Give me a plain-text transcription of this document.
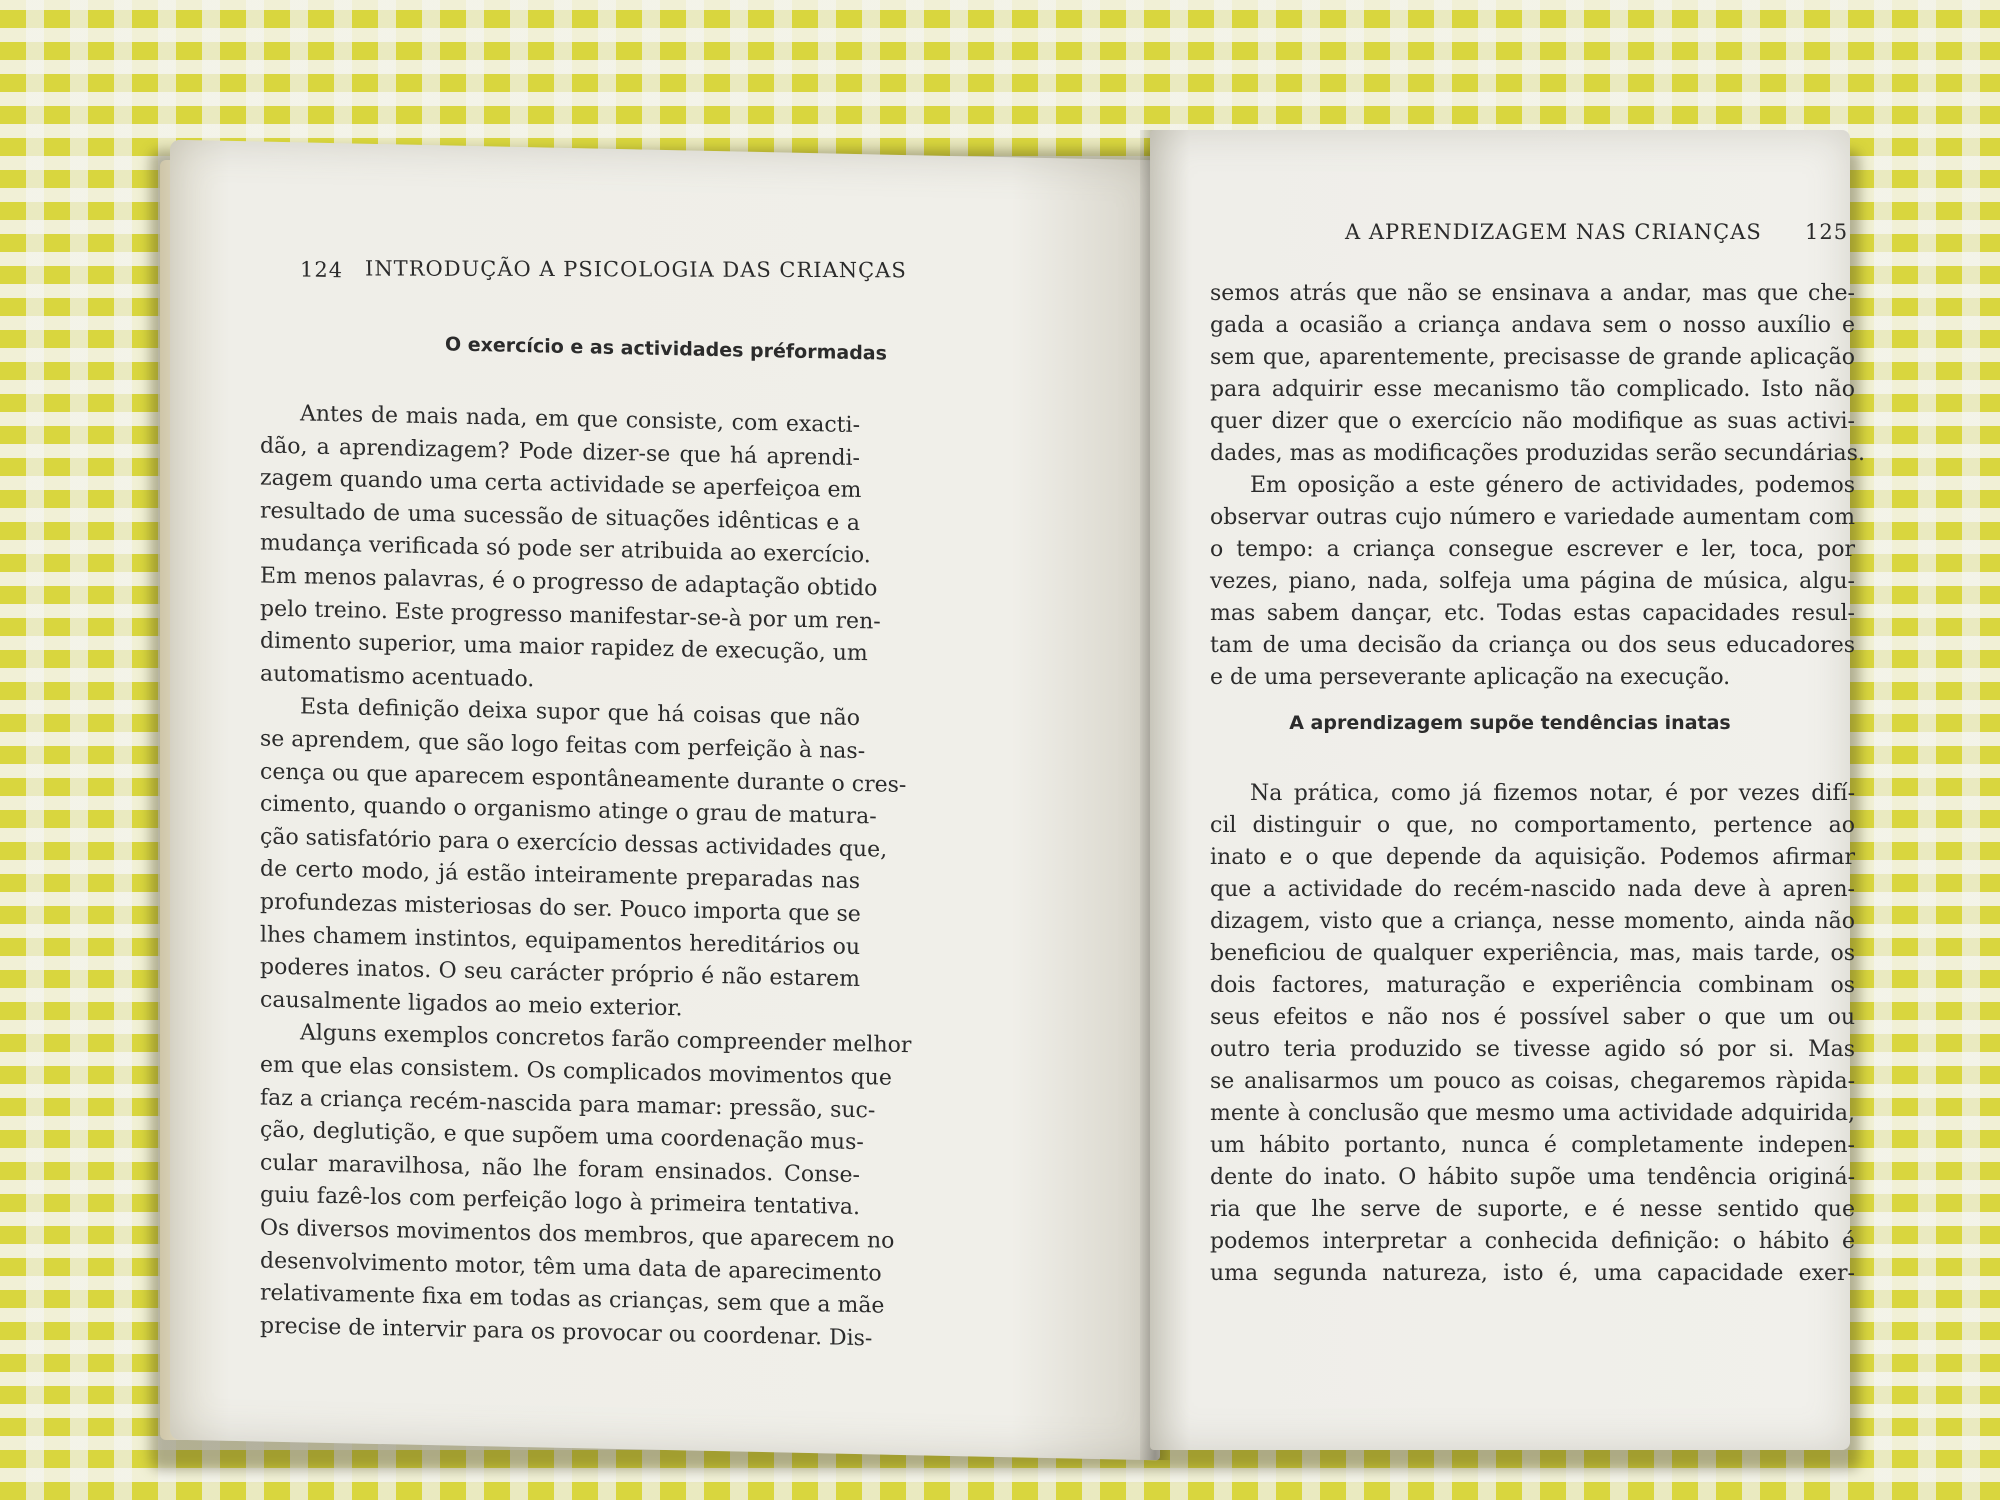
124 INTRODUÇÃO A PSICOLOGIA DAS CRIANÇAS
O exercício e as actividades préformadas
Antes de mais nada, em que consiste, com exacti-
dão, a aprendizagem? Pode dizer-se que há aprendi-
zagem quando uma certa actividade se aperfeiçoa em
resultado de uma sucessão de situações idênticas e a
mudança verificada só pode ser atribuida ao exercício.
Em menos palavras, é o progresso de adaptação obtido
pelo treino. Este progresso manifestar-se-à por um ren-
dimento superior, uma maior rapidez de execução, um
automatismo acentuado.
Esta definição deixa supor que há coisas que não
se aprendem, que são logo feitas com perfeição à nas-
cença ou que aparecem espontâneamente durante o cres-
cimento, quando o organismo atinge o grau de matura-
ção satisfatório para o exercício dessas actividades que,
de certo modo, já estão inteiramente preparadas nas
profundezas misteriosas do ser. Pouco importa que se
lhes chamem instintos, equipamentos hereditários ou
poderes inatos. O seu carácter próprio é não estarem
causalmente ligados ao meio exterior.
Alguns exemplos concretos farão compreender melhor
em que elas consistem. Os complicados movimentos que
faz a criança recém-nascida para mamar: pressão, suc-
ção, deglutição, e que supõem uma coordenação mus-
cular maravilhosa, não lhe foram ensinados. Conse-
guiu fazê-los com perfeição logo à primeira tentativa.
Os diversos movimentos dos membros, que aparecem no
desenvolvimento motor, têm uma data de aparecimento
relativamente fixa em todas as crianças, sem que a mãe
precise de intervir para os provocar ou coordenar. Dis-
A APRENDIZAGEM NAS CRIANÇAS 125
semos atrás que não se ensinava a andar, mas que che-
gada a ocasião a criança andava sem o nosso auxílio e
sem que, aparentemente, precisasse de grande aplicação
para adquirir esse mecanismo tão complicado. Isto não
quer dizer que o exercício não modifique as suas activi-
dades, mas as modificações produzidas serão secundárias.
Em oposição a este género de actividades, podemos
observar outras cujo número e variedade aumentam com
o tempo: a criança consegue escrever e ler, toca, por
vezes, piano, nada, solfeja uma página de música, algu-
mas sabem dançar, etc. Todas estas capacidades resul-
tam de uma decisão da criança ou dos seus educadores
e de uma perseverante aplicação na execução.
A aprendizagem supõe tendências inatas
Na prática, como já fizemos notar, é por vezes difí-
cil distinguir o que, no comportamento, pertence ao
inato e o que depende da aquisição. Podemos afirmar
que a actividade do recém-nascido nada deve à apren-
dizagem, visto que a criança, nesse momento, ainda não
beneficiou de qualquer experiência, mas, mais tarde, os
dois factores, maturação e experiência combinam os
seus efeitos e não nos é possível saber o que um ou
outro teria produzido se tivesse agido só por si. Mas
se analisarmos um pouco as coisas, chegaremos ràpida-
mente à conclusão que mesmo uma actividade adquirida,
um hábito portanto, nunca é completamente indepen-
dente do inato. O hábito supõe uma tendência originá-
ria que lhe serve de suporte, e é nesse sentido que
podemos interpretar a conhecida definição: o hábito é
uma segunda natureza, isto é, uma capacidade exer-
